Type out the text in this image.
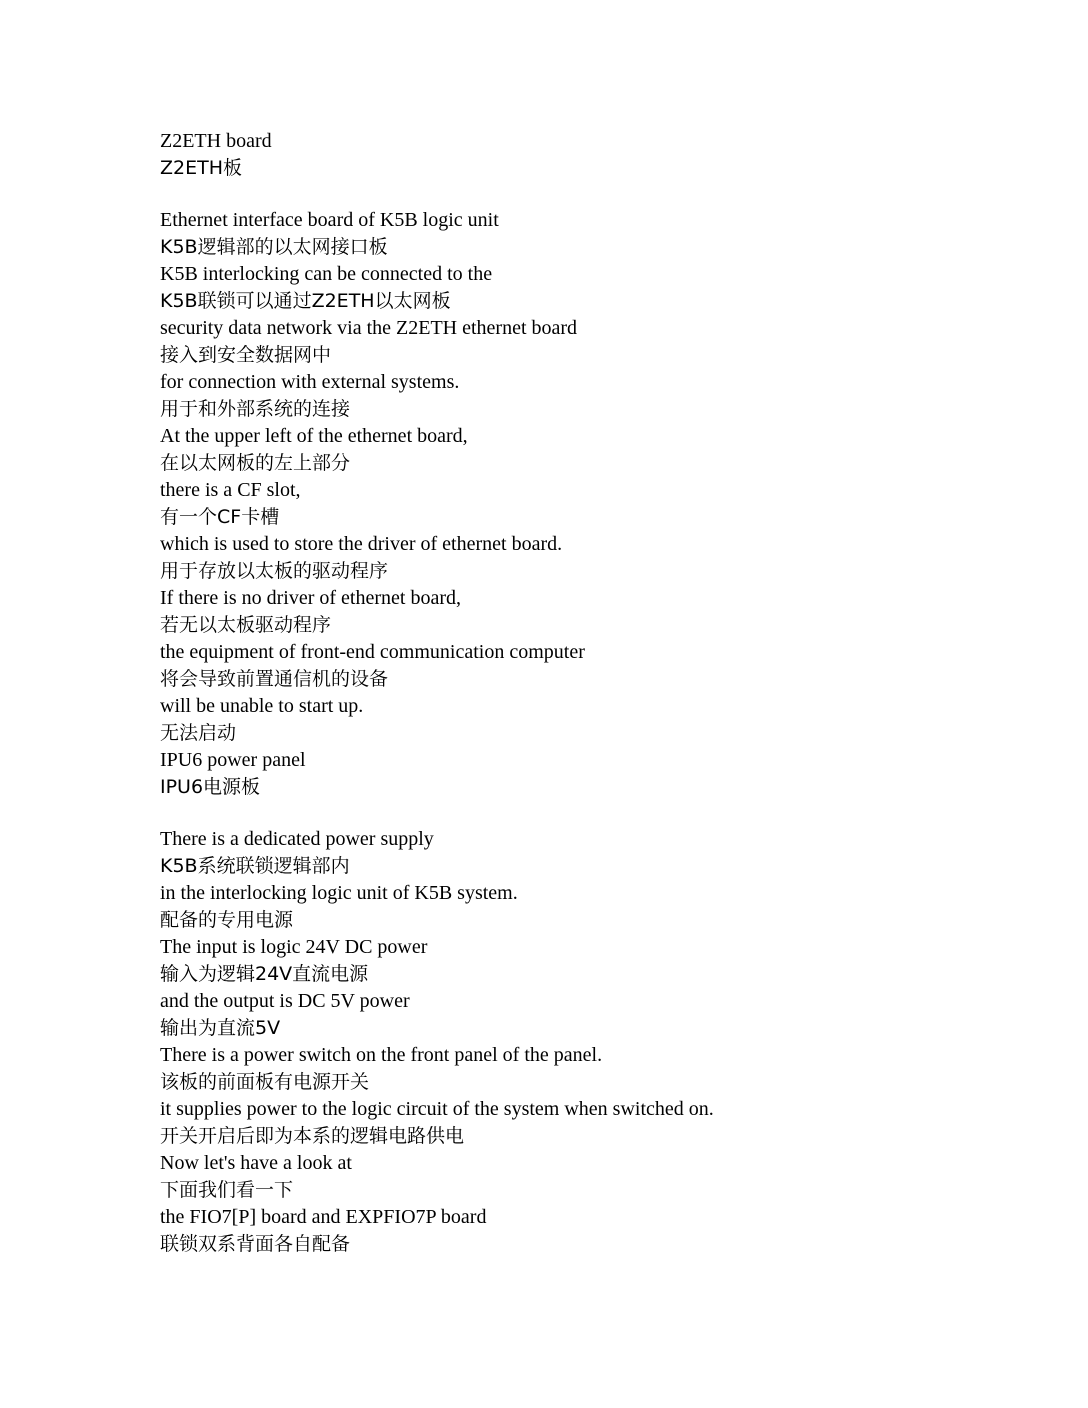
Z2ETH board
Z2ETH板
Ethernet interface board of K5B logic unit
K5B逻辑部的以太网接口板
K5B interlocking can be connected to the
K5B联锁可以通过Z2ETH以太网板
security data network via the Z2ETH ethernet board
接入到安全数据网中
for connection with external systems.
用于和外部系统的连接
At the upper left of the ethernet board,
在以太网板的左上部分
there is a CF slot,
有一个CF卡槽
which is used to store the driver of ethernet board.
用于存放以太板的驱动程序
If there is no driver of ethernet board,
若无以太板驱动程序
the equipment of front-end communication computer
将会导致前置通信机的设备
will be unable to start up.
无法启动
IPU6 power panel
IPU6电源板
There is a dedicated power supply
K5B系统联锁逻辑部内
in the interlocking logic unit of K5B system.
配备的专用电源
The input is logic 24V DC power
输入为逻辑24V直流电源
and the output is DC 5V power
输出为直流5V
There is a power switch on the front panel of the panel.
该板的前面板有电源开关
it supplies power to the logic circuit of the system when switched on.
开关开启后即为本系的逻辑电路供电
Now let's have a look at
下面我们看一下
the FIO7[P] board and EXPFIO7P board
联锁双系背面各自配备
